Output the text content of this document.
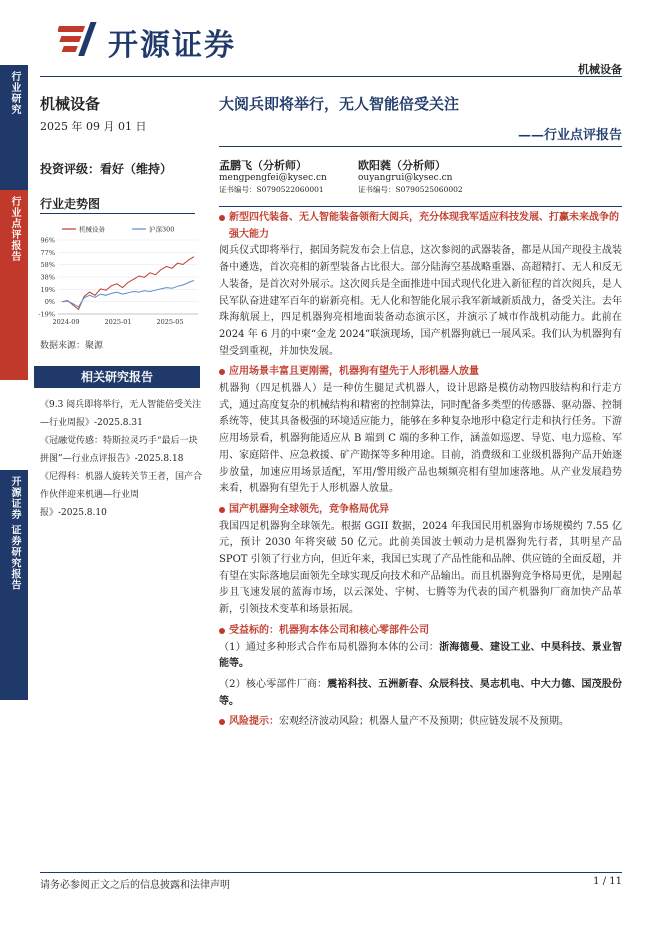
开源证券
机械设备
行业研究
行业点评报告
开源证券 证券研究报告
机械设备
2025 年 09 月 01 日
投资评级：看好（维持）
行业走势图
96%
77%
58%
38%
19%
0%
-19%
2024-09	2025-01	2025-05
机械设备	沪深300
数据来源：聚源
相关研究报告

《9.3 阅兵即将举行，无人智能倍受关注—行业周报》-2025.8.31

《冠融觉传感：特斯拉灵巧手“最后一块拼图”—行业点评报告》-2025.8.18

《尼得科：机器人旋转关节王者，国产合作伙伴迎来机遇—行业周报》-2025.8.10

大阅兵即将举行，无人智能倍受关注
——行业点评报告
孟鹏飞（分析师）
mengpengfei@kysec.cn
证书编号：S0790522060001
欧阳蕤（分析师）
ouyangrui@kysec.cn
证书编号：S0790525060002

新型四代装备、无人智能装备领衔大阅兵，充分体现我军适应科技发展、打赢未来战争的强大能力

阅兵仪式即将举行，据国务院发布会上信息，这次参阅的武器装备，都是从国产现役主战装备中遴选，首次亮相的新型装备占比很大。部分陆海空基战略重器、高超精打、无人和反无人装备，是首次对外展示。这次阅兵是全面推进中国式现代化进入新征程的首次阅兵，是人民军队奋进建军百年的崭新亮相。无人化和智能化展示我军新域新质战力，备受关注。去年珠海航展上，四足机器狗亮相地面装备动态演示区，并演示了城市作战机动能力。此前在 2024 年 6 月的中柬“金龙 2024”联演现场，国产机器狗就已一展风采。我们认为机器狗有望受到重视，并加快发展。

应用场景丰富且更刚需，机器狗有望先于人形机器人放量

机器狗（四足机器人）是一种仿生腿足式机器人，设计思路是模仿动物四肢结构和行走方式，通过高度复杂的机械结构和精密的控制算法，同时配备多类型的传感器、驱动器、控制系统等，使其具备极强的环境适应能力，能够在多种复杂地形中稳定行走和执行任务。下游应用场景看，机器狗能适应从 B 端到 C 端的多种工作，涵盖如巡逻、导览、电力巡检、军用、家庭陪伴、应急救援、矿产勘探等多种用途。目前，消费级和工业级机器狗产品开始逐步放量，加速应用场景适配，军用/警用级产品也频频亮相有望加速落地。从产业发展趋势来看，机器狗有望先于人形机器人放量。

国产机器狗全球领先，竞争格局优异

我国四足机器狗全球领先。根据 GGII 数据，2024 年我国民用机器狗市场规模约 7.55 亿元，预计 2030 年将突破 50 亿元。此前美国波士顿动力是机器狗先行者，其明星产品 SPOT 引领了行业方向，但近年来，我国已实现了产品性能和品牌、供应链的全面反超，并有望在实际落地层面领先全球实现反向技术和产品输出。而且机器狗竞争格局更优，是刚起步且飞速发展的蓝海市场，以云深处、宇树、七腾等为代表的国产机器狗厂商加快产品革新，引领技术变革和场景拓展。

受益标的：机器狗本体公司和核心零部件公司

（1）通过多种形式合作布局机器狗本体的公司：浙海德曼、建设工业、中昊科技、景业智能等。

（2）核心零部件厂商：震裕科技、五洲新春、众辰科技、昊志机电、中大力德、国茂股份等。

风险提示：宏观经济波动风险；机器人量产不及预期；供应链发展不及预期。

请务必参阅正文之后的信息披露和法律声明	1 / 11
